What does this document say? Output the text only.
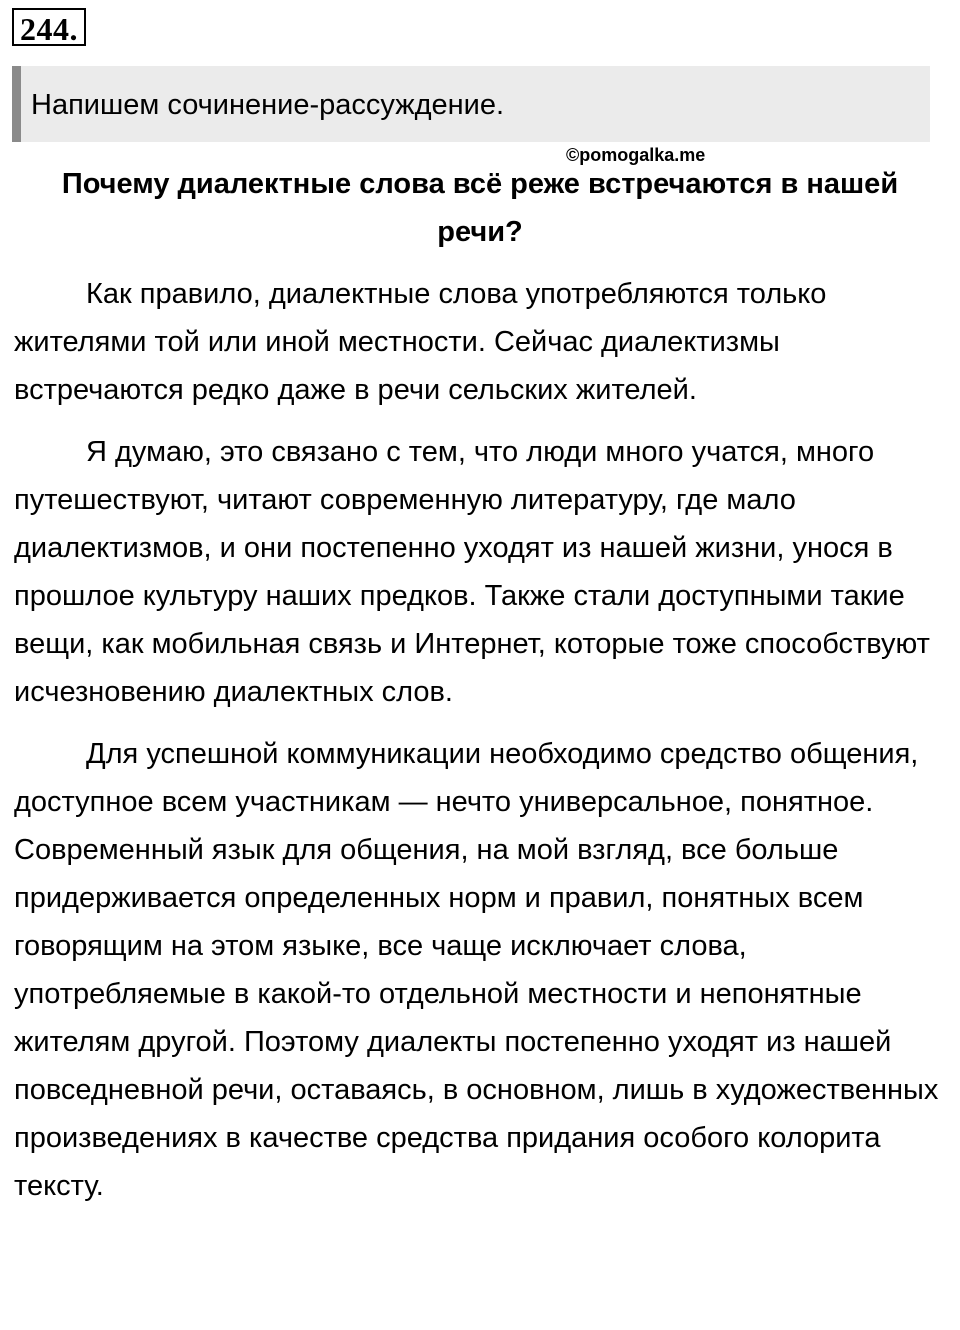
244.
Напишем сочинение-рассуждение.
©pomogalka.me
Почему диалектные слова всё реже встречаются в нашей речи?

Как правило, диалектные слова употребляются только жителями той или иной местности. Сейчас диалектизмы встречаются редко даже в речи сельских жителей.

Я думаю, это связано с тем, что люди много учатся, много путешествуют, читают современную литературу, где мало диалектизмов, и они постепенно уходят из нашей жизни, унося в прошлое культуру наших предков. Также стали доступными такие вещи, как мобильная связь и Интернет, которые тоже способствуют исчезновению диалектных слов.

Для успешной коммуникации необходимо средство общения, доступное всем участникам — нечто универсальное, понятное. Современный язык для общения, на мой взгляд, все больше придерживается определенных норм и правил, понятных всем говорящим на этом языке, все чаще исключает слова, употребляемые в какой-то отдельной местности и непонятные жителям другой. Поэтому диалекты постепенно уходят из нашей повседневной речи, оставаясь, в основном, лишь в художественных произведениях в качестве средства придания особого колорита тексту.
